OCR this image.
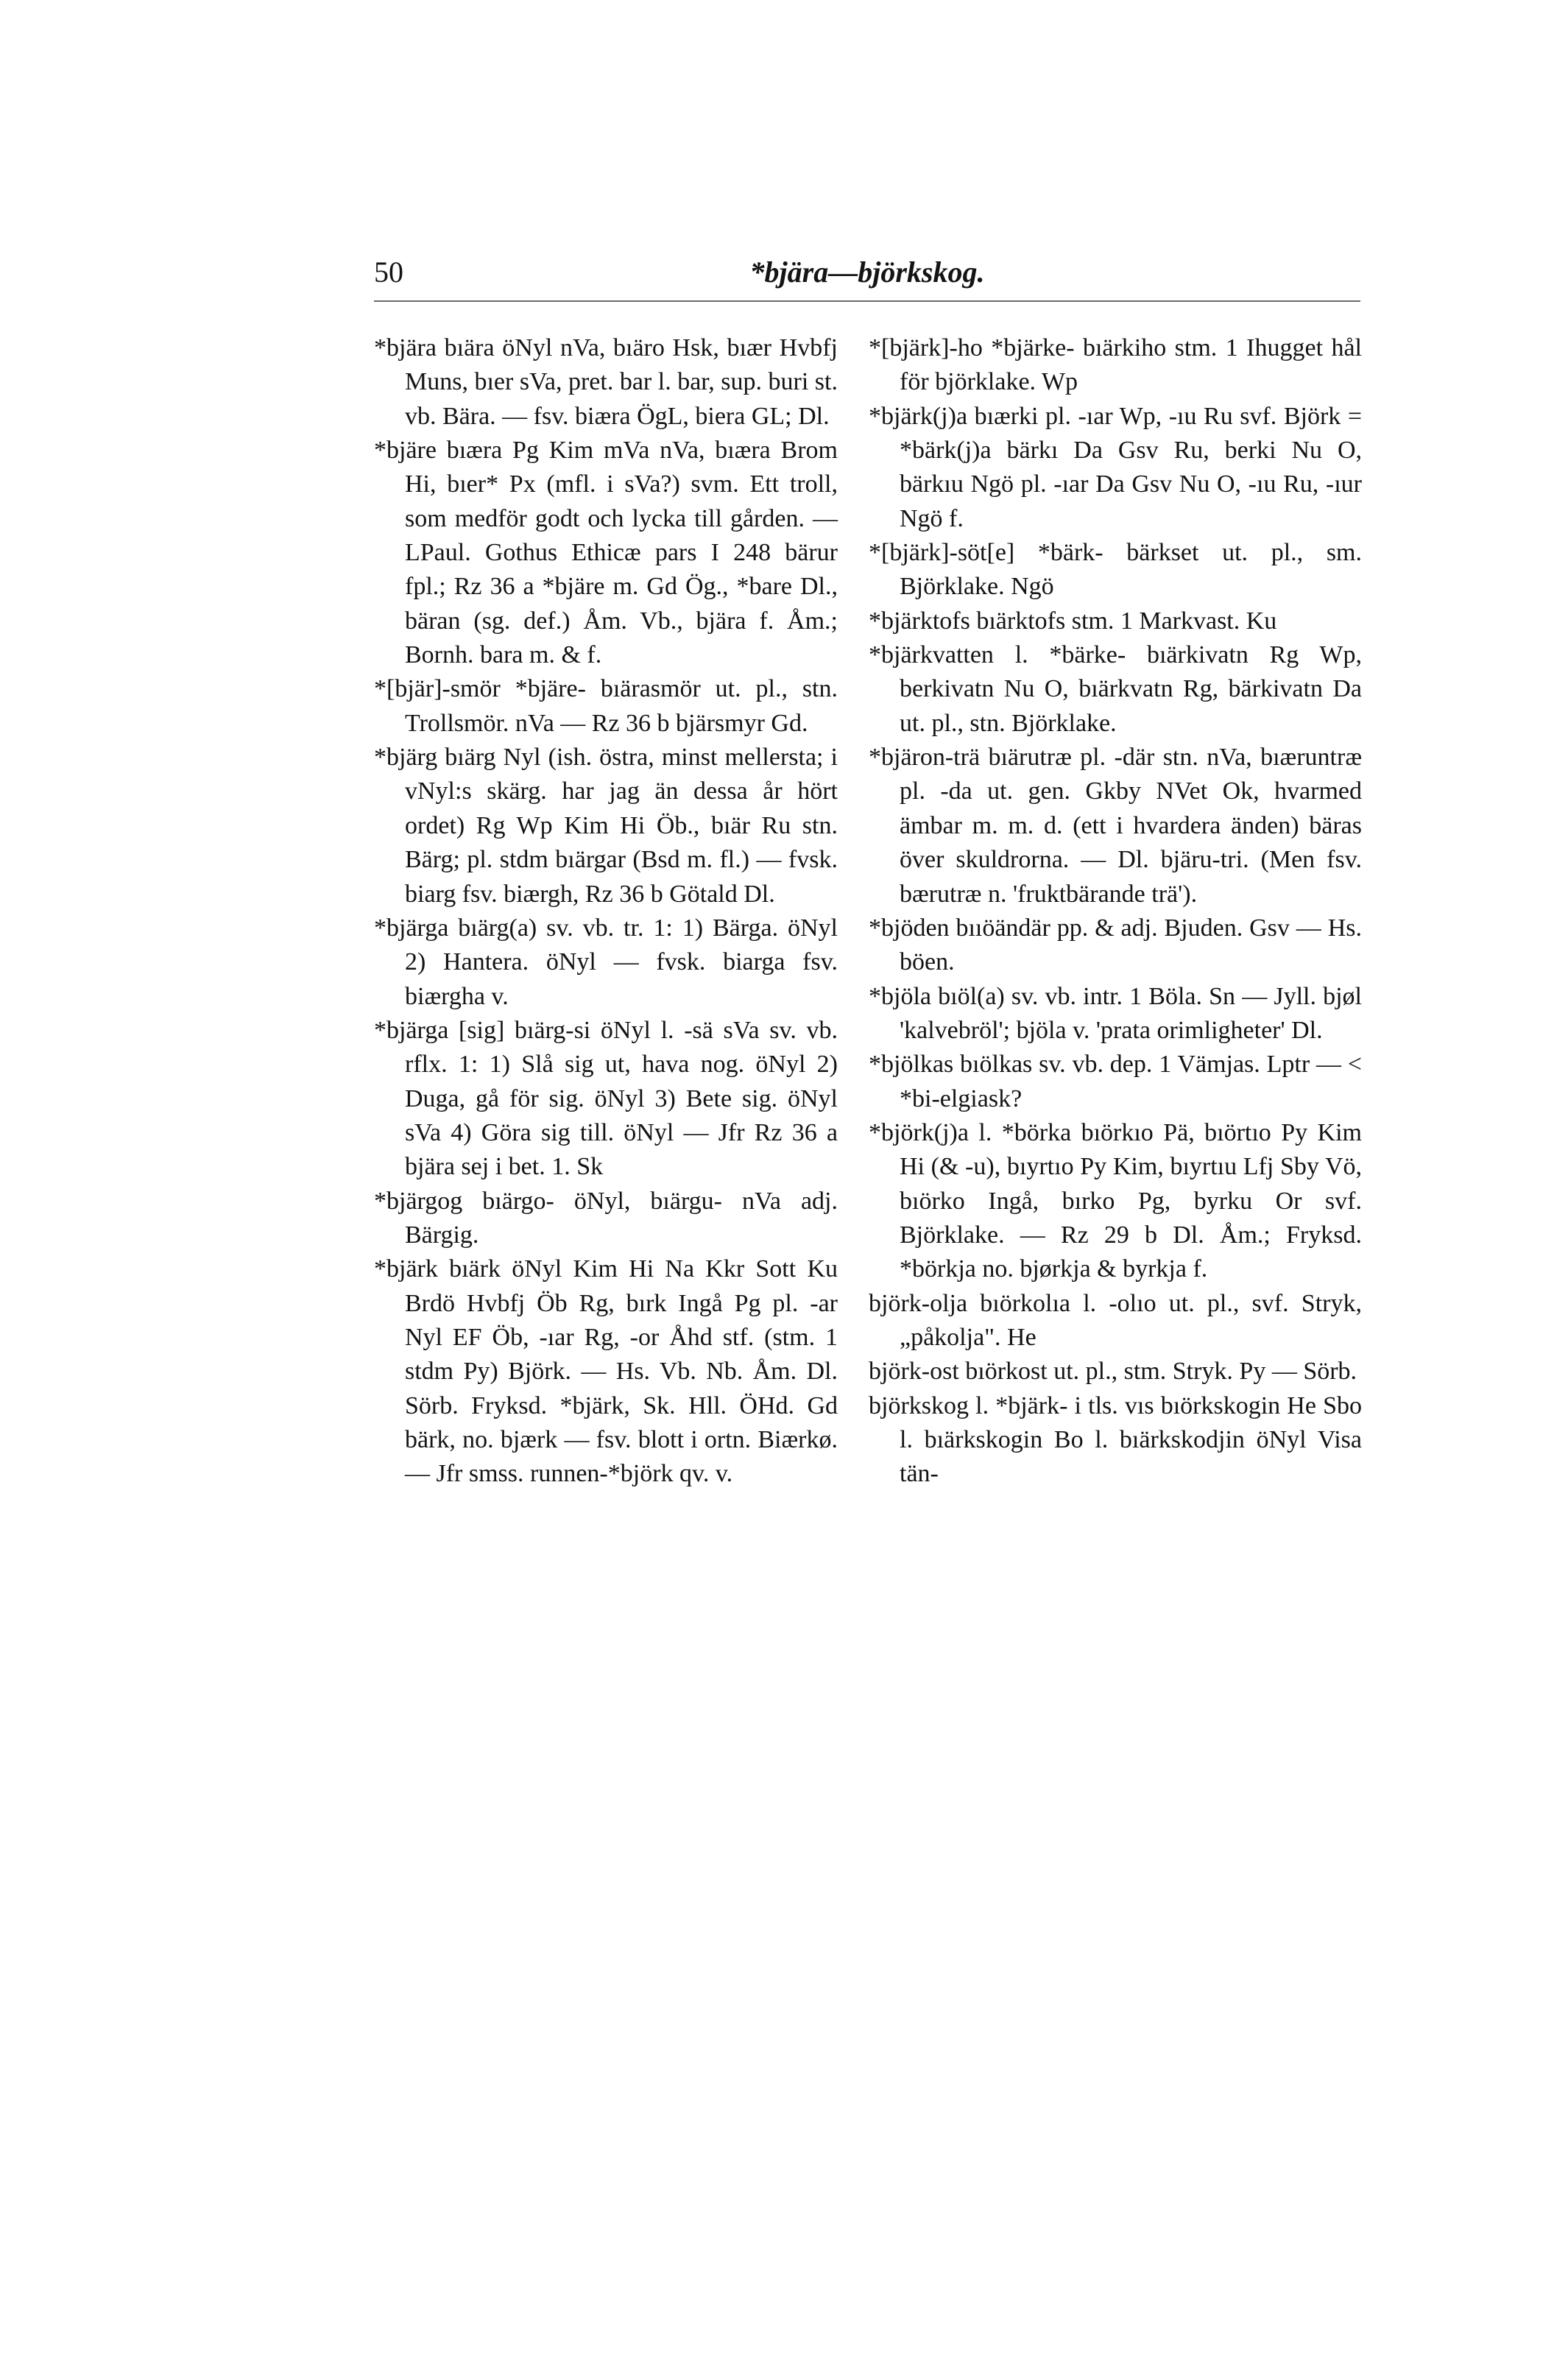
50	*bjära—björkskog.

*bjära bıära öNyl nVa, bıäro Hsk, bıær Hvbfj Muns, bıer sVa, pret. bar l. bar, sup. buri st. vb. Bära. — fsv. biæra ÖgL, biera GL; Dl.

*bjäre bıæra Pg Kim mVa nVa, bıæra Brom Hi, bıer* Px (mfl. i sVa?) svm. Ett troll, som medför godt och lycka till gården. — LPaul. Gothus Ethicæ pars I 248 bärur fpl.; Rz 36 a *bjäre m. Gd Ög., *bare Dl., bäran (sg. def.) Åm. Vb., bjära f. Åm.; Bornh. bara m. & f.

*[bjär]-smör *bjäre- bıärasmör ut. pl., stn. Trollsmör. nVa — Rz 36 b bjärsmyr Gd.

*bjärg bıärg Nyl (ish. östra, minst mellersta; i vNyl:s skärg. har jag än dessa år hört ordet) Rg Wp Kim Hi Öb., bıär Ru stn. Bärg; pl. stdm bıärgar (Bsd m. fl.) — fvsk. biarg fsv. biærgh, Rz 36 b Götald Dl.

*bjärga bıärg(a) sv. vb. tr. 1: 1) Bärga. öNyl 2) Hantera. öNyl — fvsk. biarga fsv. biærgha v.

*bjärga [sig] bıärg-si öNyl l. -sä sVa sv. vb. rflx. 1: 1) Slå sig ut, hava nog. öNyl 2) Duga, gå för sig. öNyl 3) Bete sig. öNyl sVa 4) Göra sig till. öNyl — Jfr Rz 36 a bjära sej i bet. 1. Sk

*bjärgog bıärgo- öNyl, bıärgu- nVa adj. Bärgig.

*bjärk bıärk öNyl Kim Hi Na Kkr Sott Ku Brdö Hvbfj Öb Rg, bırk Ingå Pg pl. -ar Nyl EF Öb, -ıar Rg, -or Åhd stf. (stm. 1 stdm Py) Björk. — Hs. Vb. Nb. Åm. Dl. Sörb. Fryksd. *bjärk, Sk. Hll. ÖHd. Gd bärk, no. bjærk — fsv. blott i ortn. Biærkø. — Jfr smss. runnen-*björk qv. v.

*[bjärk]-ho *bjärke- bıärkiho stm. 1 Ihugget hål för björklake. Wp

*bjärk(j)a bıærki pl. -ıar Wp, -ıu Ru svf. Björk = *bärk(j)a bärkı Da Gsv Ru, berki Nu O, bärkıu Ngö pl. -ıar Da Gsv Nu O, -ıu Ru, -ıur Ngö f.

*[bjärk]-söt[e] *bärk- bärkset ut. pl., sm. Björklake. Ngö

*bjärktofs bıärktofs stm. 1 Markvast. Ku

*bjärkvatten l. *bärke- bıärkivatn Rg Wp, berkivatn Nu O, bıärkvatn Rg, bärkivatn Da ut. pl., stn. Björklake.

*bjäron-trä bıärutræ pl. -där stn. nVa, bıæruntræ pl. -da ut. gen. Gkby NVet Ok, hvarmed ämbar m. m. d. (ett i hvardera änden) bäras över skuldrorna. — Dl. bjäru-tri. (Men fsv. bærutræ n. 'fruktbärande trä').

*bjöden bııöändär pp. & adj. Bjuden. Gsv — Hs. böen.

*bjöla bıöl(a) sv. vb. intr. 1 Böla. Sn — Jyll. bjøl 'kalvebröl'; bjöla v. 'prata orimligheter' Dl.

*bjölkas bıölkas sv. vb. dep. 1 Vämjas. Lptr — < *bi-elgiask?

*björk(j)a l. *börka bıörkıo Pä, bıörtıo Py Kim Hi (& -u), bıyrtıo Py Kim, bıyrtıu Lfj Sby Vö, bıörko Ingå, bırko Pg, byrku Or svf. Björklake. — Rz 29 b Dl. Åm.; Fryksd. *börkja no. bjørkja & byrkja f.

björk-olja bıörkolıa l. -olıo ut. pl., svf. Stryk, „påkolja". He

björk-ost bıörkost ut. pl., stm. Stryk. Py — Sörb.

björkskog l. *bjärk- i tls. vıs bıörkskogin He Sbo l. bıärkskogin Bo l. bıärkskodjin öNyl Visa tän-
